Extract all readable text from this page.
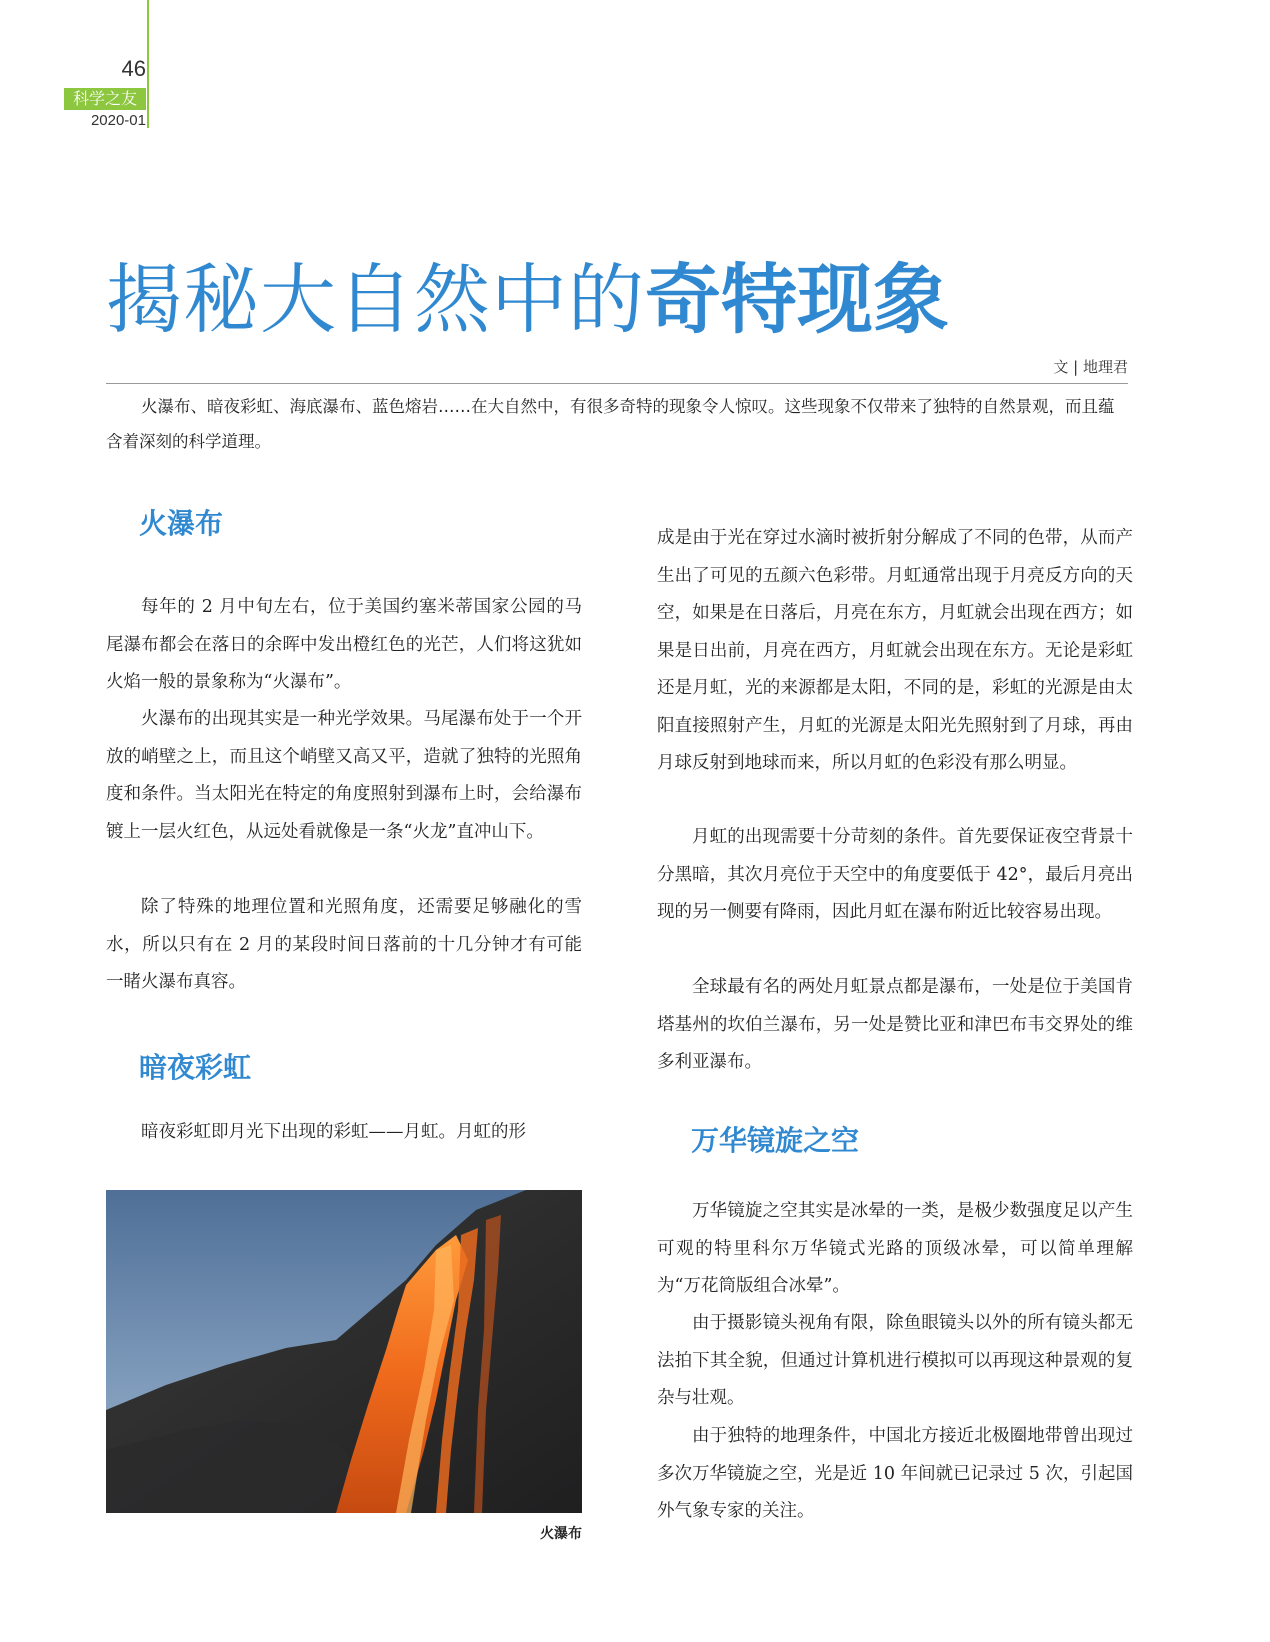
46
科学之友
2020-01
揭秘大自然中的奇特现象
文 | 地理君

火瀑布、暗夜彩虹、海底瀑布、蓝色熔岩……在大自然中，有很多奇特的现象令人惊叹。这些现象不仅带来了独特的自然景观，而且蕴含着深刻的科学道理。

火瀑布

每年的 2 月中旬左右，位于美国约塞米蒂国家公园的马尾瀑布都会在落日的余晖中发出橙红色的光芒，人们将这犹如火焰一般的景象称为“火瀑布”。

火瀑布的出现其实是一种光学效果。马尾瀑布处于一个开放的峭壁之上，而且这个峭壁又高又平，造就了独特的光照角度和条件。当太阳光在特定的角度照射到瀑布上时，会给瀑布镀上一层火红色，从远处看就像是一条“火龙”直冲山下。

除了特殊的地理位置和光照角度，还需要足够融化的雪水，所以只有在 2 月的某段时间日落前的十几分钟才有可能一睹火瀑布真容。

暗夜彩虹

暗夜彩虹即月光下出现的彩虹——月虹。月虹的形

火瀑布

成是由于光在穿过水滴时被折射分解成了不同的色带，从而产生出了可见的五颜六色彩带。月虹通常出现于月亮反方向的天空，如果是在日落后，月亮在东方，月虹就会出现在西方；如果是日出前，月亮在西方，月虹就会出现在东方。无论是彩虹还是月虹，光的来源都是太阳，不同的是，彩虹的光源是由太阳直接照射产生，月虹的光源是太阳光先照射到了月球，再由月球反射到地球而来，所以月虹的色彩没有那么明显。

月虹的出现需要十分苛刻的条件。首先要保证夜空背景十分黑暗，其次月亮位于天空中的角度要低于 42°，最后月亮出现的另一侧要有降雨，因此月虹在瀑布附近比较容易出现。

全球最有名的两处月虹景点都是瀑布，一处是位于美国肯塔基州的坎伯兰瀑布，另一处是赞比亚和津巴布韦交界处的维多利亚瀑布。

万华镜旋之空

万华镜旋之空其实是冰晕的一类，是极少数强度足以产生可观的特里科尔万华镜式光路的顶级冰晕，可以简单理解为“万花筒版组合冰晕”。

由于摄影镜头视角有限，除鱼眼镜头以外的所有镜头都无法拍下其全貌，但通过计算机进行模拟可以再现这种景观的复杂与壮观。

由于独特的地理条件，中国北方接近北极圈地带曾出现过多次万华镜旋之空，光是近 10 年间就已记录过 5 次，引起国外气象专家的关注。
